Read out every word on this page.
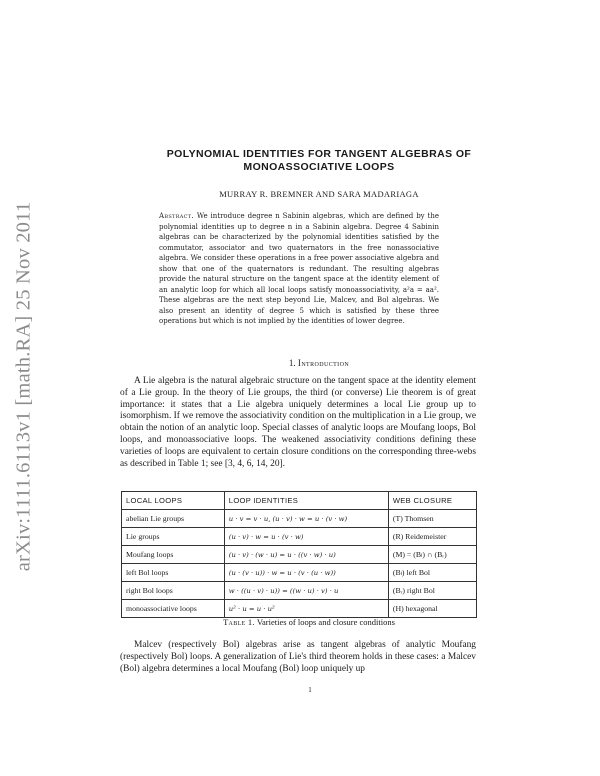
arXiv:1111.6113v1 [math.RA] 25 Nov 2011
POLYNOMIAL IDENTITIES FOR TANGENT ALGEBRAS OF
MONOASSOCIATIVE LOOPS
MURRAY R. BREMNER AND SARA MADARIAGA
Abstract. We introduce degree n Sabinin algebras, which are defined by the polynomial identities up to degree n in a Sabinin algebra. Degree 4 Sabinin algebras can be characterized by the polynomial identities satisfied by the commutator, associator and two quaternators in the free nonassociative algebra. We consider these operations in a free power associative algebra and show that one of the quaternators is redundant. The resulting algebras provide the natural structure on the tangent space at the identity element of an analytic loop for which all local loops satisfy monoassociativity, a²a = aa². These algebras are the next step beyond Lie, Malcev, and Bol algebras. We also present an identity of degree 5 which is satisfied by these three operations but which is not implied by the identities of lower degree.
1. Introduction
A Lie algebra is the natural algebraic structure on the tangent space at the identity element of a Lie group. In the theory of Lie groups, the third (or converse) Lie theorem is of great importance: it states that a Lie algebra uniquely determines a local Lie group up to isomorphism. If we remove the associativity condition on the multiplication in a Lie group, we obtain the notion of an analytic loop. Special classes of analytic loops are Moufang loops, Bol loops, and monoassociative loops. The weakened associativity conditions defining these varieties of loops are equivalent to certain closure conditions on the corresponding three-webs as described in Table 1; see [3, 4, 6, 14, 20].
LOCAL LOOPS	LOOP IDENTITIES	WEB CLOSURE
abelian Lie groups	u · v = v · u, (u · v) · w = u · (v · w)	(T) Thomsen
Lie groups	(u · v) · w = u · (v · w)	(R) Reidemeister
Moufang loops	(u · v) · (w · u) = u · ((v · w) · u)	(M) = (Bₗ) ∩ (Bᵣ)
left Bol loops	(u · (v · u)) · w = u · (v · (u · w))	(Bₗ) left Bol
right Bol loops	w · ((u · v) · u)) = ((w · u) · v) · u	(Bᵣ) right Bol
monoassociative loops	u² · u = u · u²	(H) hexagonal
Table 1. Varieties of loops and closure conditions
Malcev (respectively Bol) algebras arise as tangent algebras of analytic Moufang (respectively Bol) loops. A generalization of Lie's third theorem holds in these cases: a Malcev (Bol) algebra determines a local Moufang (Bol) loop uniquely up
1
